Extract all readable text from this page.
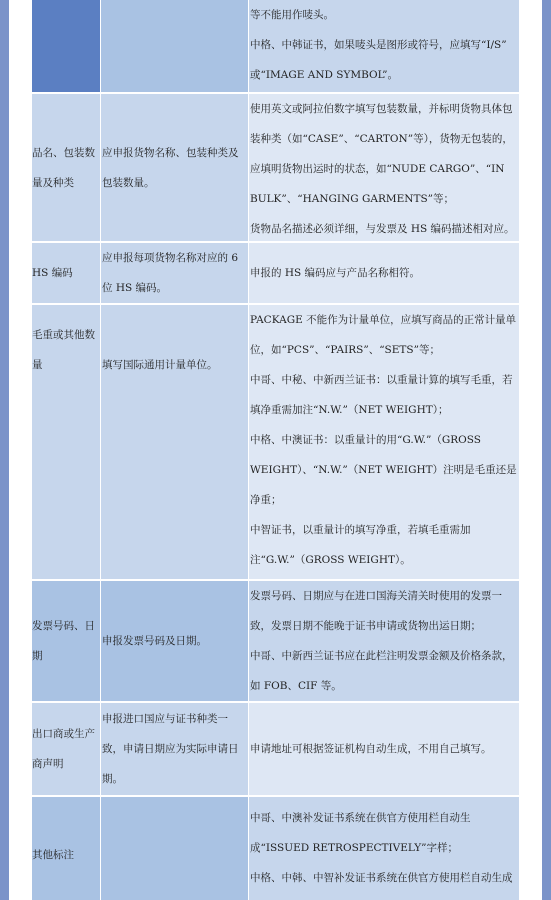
等不能用作唛头。
中格、中韩证书，如果唛头是图形或符号，应填写“I/S”
或“IMAGE AND SYMBOL”。
品名、包装数量及种类
应申报货物名称、包装种类及包装数量。
使用英文或阿拉伯数字填写包装数量，并标明货物具体包装种类（如“CASE”、“CARTON”等），货物无包装的，应填明货物出运时的状态，如“NUDE CARGO”、“IN BULK”、“HANGING GARMENTS”等；
货物品名描述必须详细，与发票及 HS 编码描述相对应。
HS 编码
应申报每项货物名称对应的 6 位 HS 编码。
申报的 HS 编码应与产品名称相符。
毛重或其他数量	填写国际通用计量单位。
PACKAGE 不能作为计量单位，应填写商品的正常计量单位，如“PCS”、“PAIRS”、“SETS”等；
中哥、中秘、中新西兰证书：以重量计算的填写毛重，若填净重需加注“N.W.”（NET WEIGHT）；
中格、中澳证书：以重量计的用“G.W.”（GROSS WEIGHT）、“N.W.”（NET WEIGHT）注明是毛重还是净重；
中智证书，以重量计的填写净重，若填毛重需加注“G.W.”（GROSS WEIGHT）。
发票号码、日期
申报发票号码及日期。
发票号码、日期应与在进口国海关清关时使用的发票一致，发票日期不能晚于证书申请或货物出运日期；
中哥、中新西兰证书应在此栏注明发票金额及价格条款，如 FOB、CIF 等。
出口商或生产商声明
申报进口国应与证书种类一致，申请日期应为实际申请日期。
申请地址可根据签证机构自动生成，不用自己填写。
其他标注
中哥、中澳补发证书系统在供官方使用栏自动生成“ISSUED RETROSPECTIVELY”字样；
中格、中韩、中智补发证书系统在供官方使用栏自动生成
